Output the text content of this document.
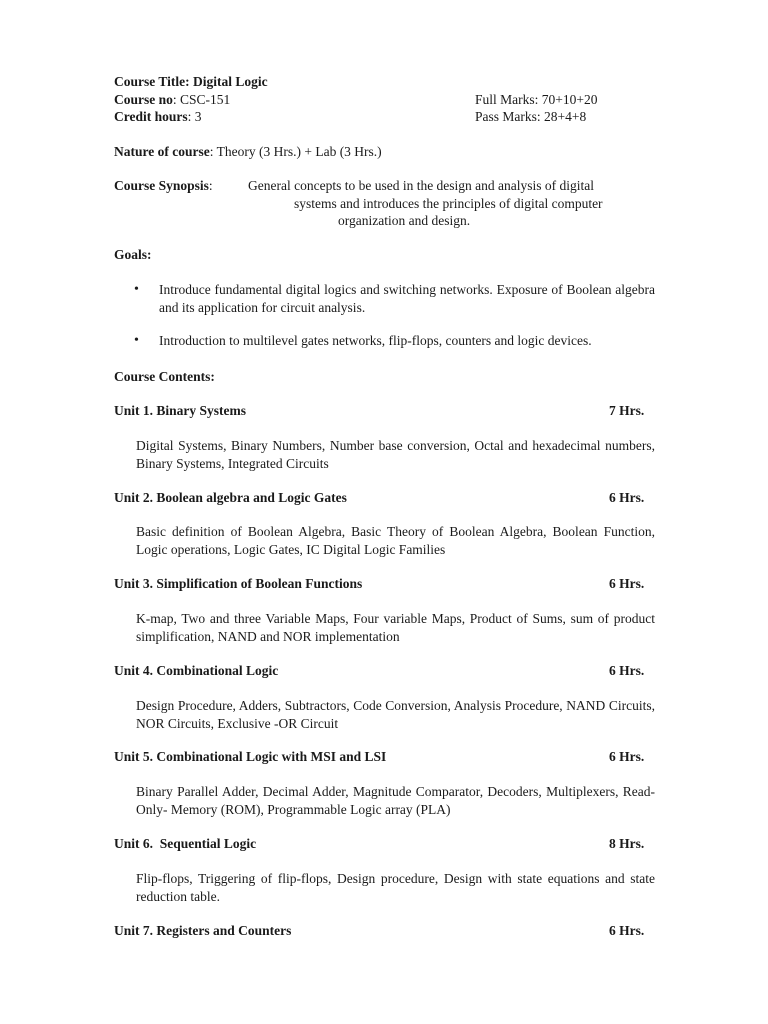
Course Title: Digital Logic
Course no: CSC-151
Credit hours: 3
Full Marks: 70+10+20
Pass Marks: 28+4+8
Nature of course: Theory (3 Hrs.) + Lab (3 Hrs.)
Course Synopsis:	General concepts to be used in the design and analysis of digital
systems and introduces the principles of digital computer
organization and design.
Goals:
• Introduce fundamental digital logics and switching networks. Exposure of Boolean algebra and its application for circuit analysis.
• Introduction to multilevel gates networks, flip-flops, counters and logic devices.
Course Contents:
Unit 1. Binary Systems	7 Hrs.
Digital Systems, Binary Numbers, Number base conversion, Octal and hexadecimal numbers, Binary Systems, Integrated Circuits
Unit 2. Boolean algebra and Logic Gates	6 Hrs.
Basic definition of Boolean Algebra, Basic Theory of Boolean Algebra, Boolean Function, Logic operations, Logic Gates, IC Digital Logic Families
Unit 3. Simplification of Boolean Functions	6 Hrs.
K-map, Two and three Variable Maps, Four variable Maps, Product of Sums, sum of product simplification, NAND and NOR implementation
Unit 4. Combinational Logic	6 Hrs.
Design Procedure, Adders, Subtractors, Code Conversion, Analysis Procedure, NAND Circuits, NOR Circuits, Exclusive -OR Circuit
Unit 5. Combinational Logic with MSI and LSI	6 Hrs.
Binary Parallel Adder, Decimal Adder, Magnitude Comparator, Decoders, Multiplexers, Read- Only- Memory (ROM), Programmable Logic array (PLA)
Unit 6.  Sequential Logic	8 Hrs.
Flip-flops, Triggering of flip-flops, Design procedure, Design with state equations and state reduction table.
Unit 7. Registers and Counters	6 Hrs.
